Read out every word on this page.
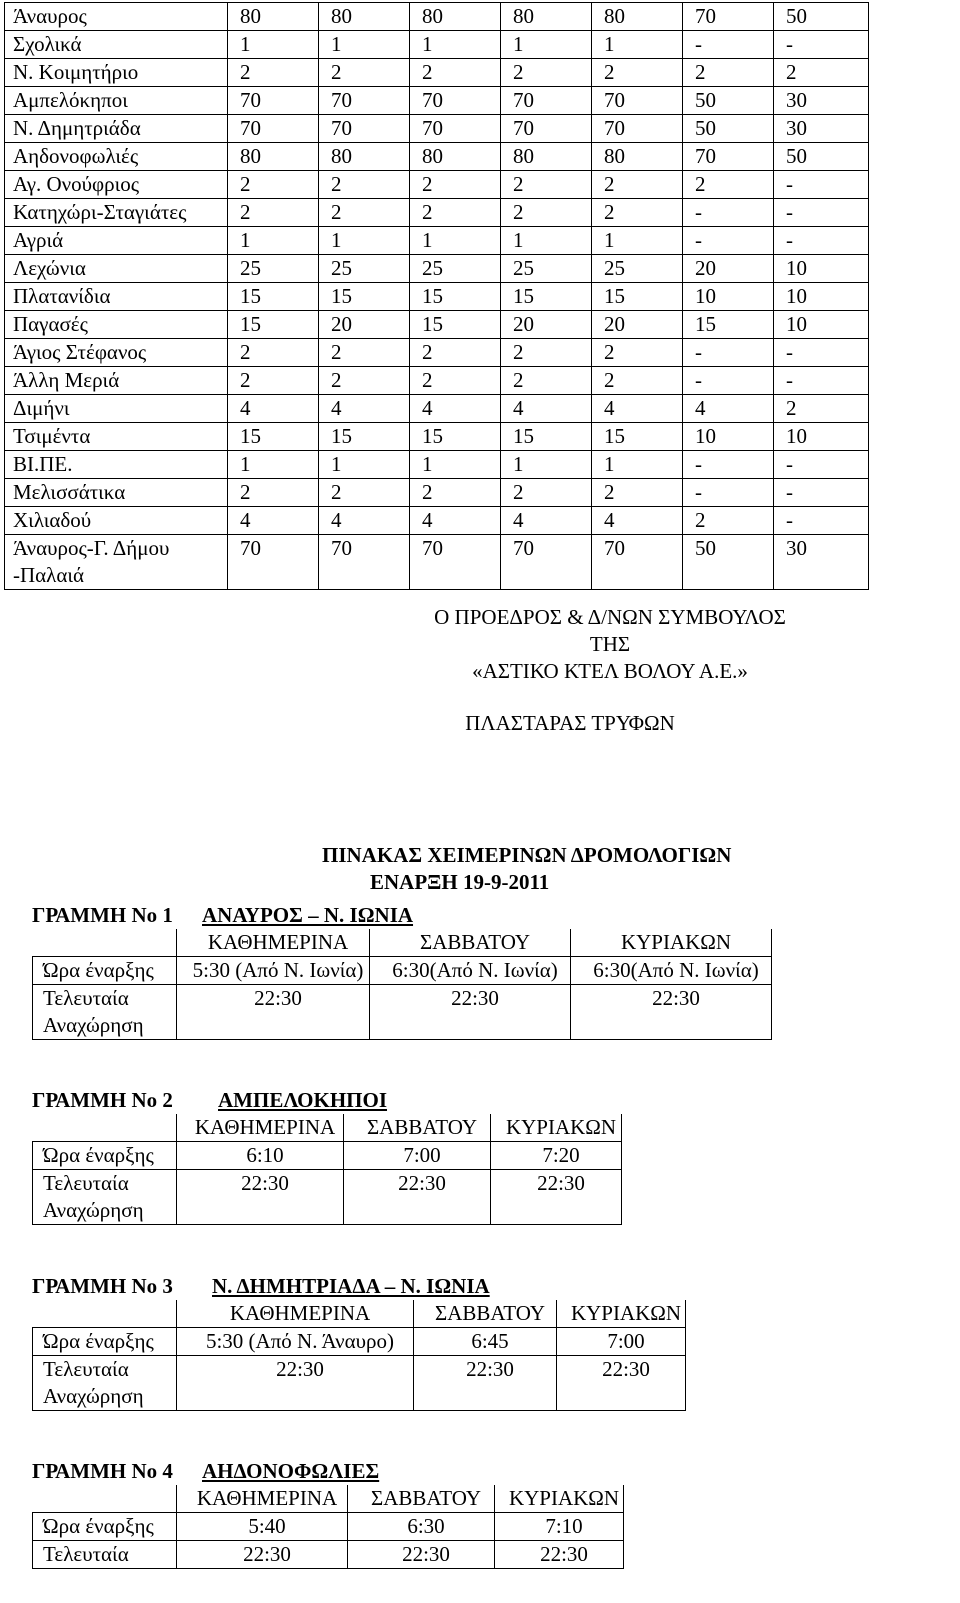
Άναυρος	80	80	80	80	80	70	50

Σχολικά	1	1	1	1	1	-	-

Ν. Κοιμητήριο	2	2	2	2	2	2	2

Αμπελόκηποι	70	70	70	70	70	50	30

Ν. Δημητριάδα	70	70	70	70	70	50	30

Αηδονοφωλιές	80	80	80	80	80	70	50

Αγ. Ονούφριος	2	2	2	2	2	2	-

Κατηχώρι-Σταγιάτες	2	2	2	2	2	-	-

Αγριά	1	1	1	1	1	-	-

Λεχώνια	25	25	25	25	25	20	10

Πλατανίδια	15	15	15	15	15	10	10

Παγασές	15	20	15	20	20	15	10

Άγιος Στέφανος	2	2	2	2	2	-	-

Άλλη Μεριά	2	2	2	2	2	-	-

Διμήνι	4	4	4	4	4	4	2

Τσιμέντα	15	15	15	15	15	10	10

ΒΙ.ΠΕ.	1	1	1	1	1	-	-

Μελισσάτικα	2	2	2	2	2	-	-

Χιλιαδού	4	4	4	4	4	2	-

Άναυρος-Γ. Δήμου
-Παλαιά	70	70	70	70	70	50	30
Ο ΠΡΟΕΔΡΟΣ & Δ/ΝΩΝ ΣΥΜΒΟΥΛΟΣ
ΤΗΣ
«ΑΣΤΙΚΟ ΚΤΕΛ ΒΟΛΟΥ Α.Ε.»
ΠΛΑΣΤΑΡΑΣ ΤΡΥΦΩΝ
ΠΙΝΑΚΑΣ ΧΕΙΜΕΡΙΝΩΝ ΔΡΟΜΟΛΟΓΙΩΝ
ΕΝΑΡΞΗ 19-9-2011
ΓΡΑΜΜΗ Νο 1 ΑΝΑΥΡΟΣ – Ν. ΙΩΝΙΑ
	ΚΑΘΗΜΕΡΙΝΑ	ΣΑΒΒΑΤΟΥ	ΚΥΡΙΑΚΩΝ
Ώρα έναρξης	5:30 (Από Ν. Ιωνία)	6:30(Από Ν. Ιωνία)	6:30(Από Ν. Ιωνία)

Τελευταία
Αναχώρηση	22:30	22:30	22:30
ΓΡΑΜΜΗ Νο 2 ΑΜΠΕΛΟΚΗΠΟΙ
	ΚΑΘΗΜΕΡΙΝΑ	ΣΑΒΒΑΤΟΥ	ΚΥΡΙΑΚΩΝ
Ώρα έναρξης	6:10	7:00	7:20

Τελευταία
Αναχώρηση	22:30	22:30	22:30
ΓΡΑΜΜΗ Νο 3 Ν. ΔΗΜΗΤΡΙΑΔΑ – Ν. ΙΩΝΙΑ
	ΚΑΘΗΜΕΡΙΝΑ	ΣΑΒΒΑΤΟΥ	ΚΥΡΙΑΚΩΝ
Ώρα έναρξης	5:30 (Από Ν. Άναυρο)	6:45	7:00

Τελευταία
Αναχώρηση	22:30	22:30	22:30
ΓΡΑΜΜΗ Νο 4 ΑΗΔΟΝΟΦΩΛΙΕΣ
	ΚΑΘΗΜΕΡΙΝΑ	ΣΑΒΒΑΤΟΥ	ΚΥΡΙΑΚΩΝ
Ώρα έναρξης	5:40	6:30	7:10
Τελευταία	22:30	22:30	22:30
